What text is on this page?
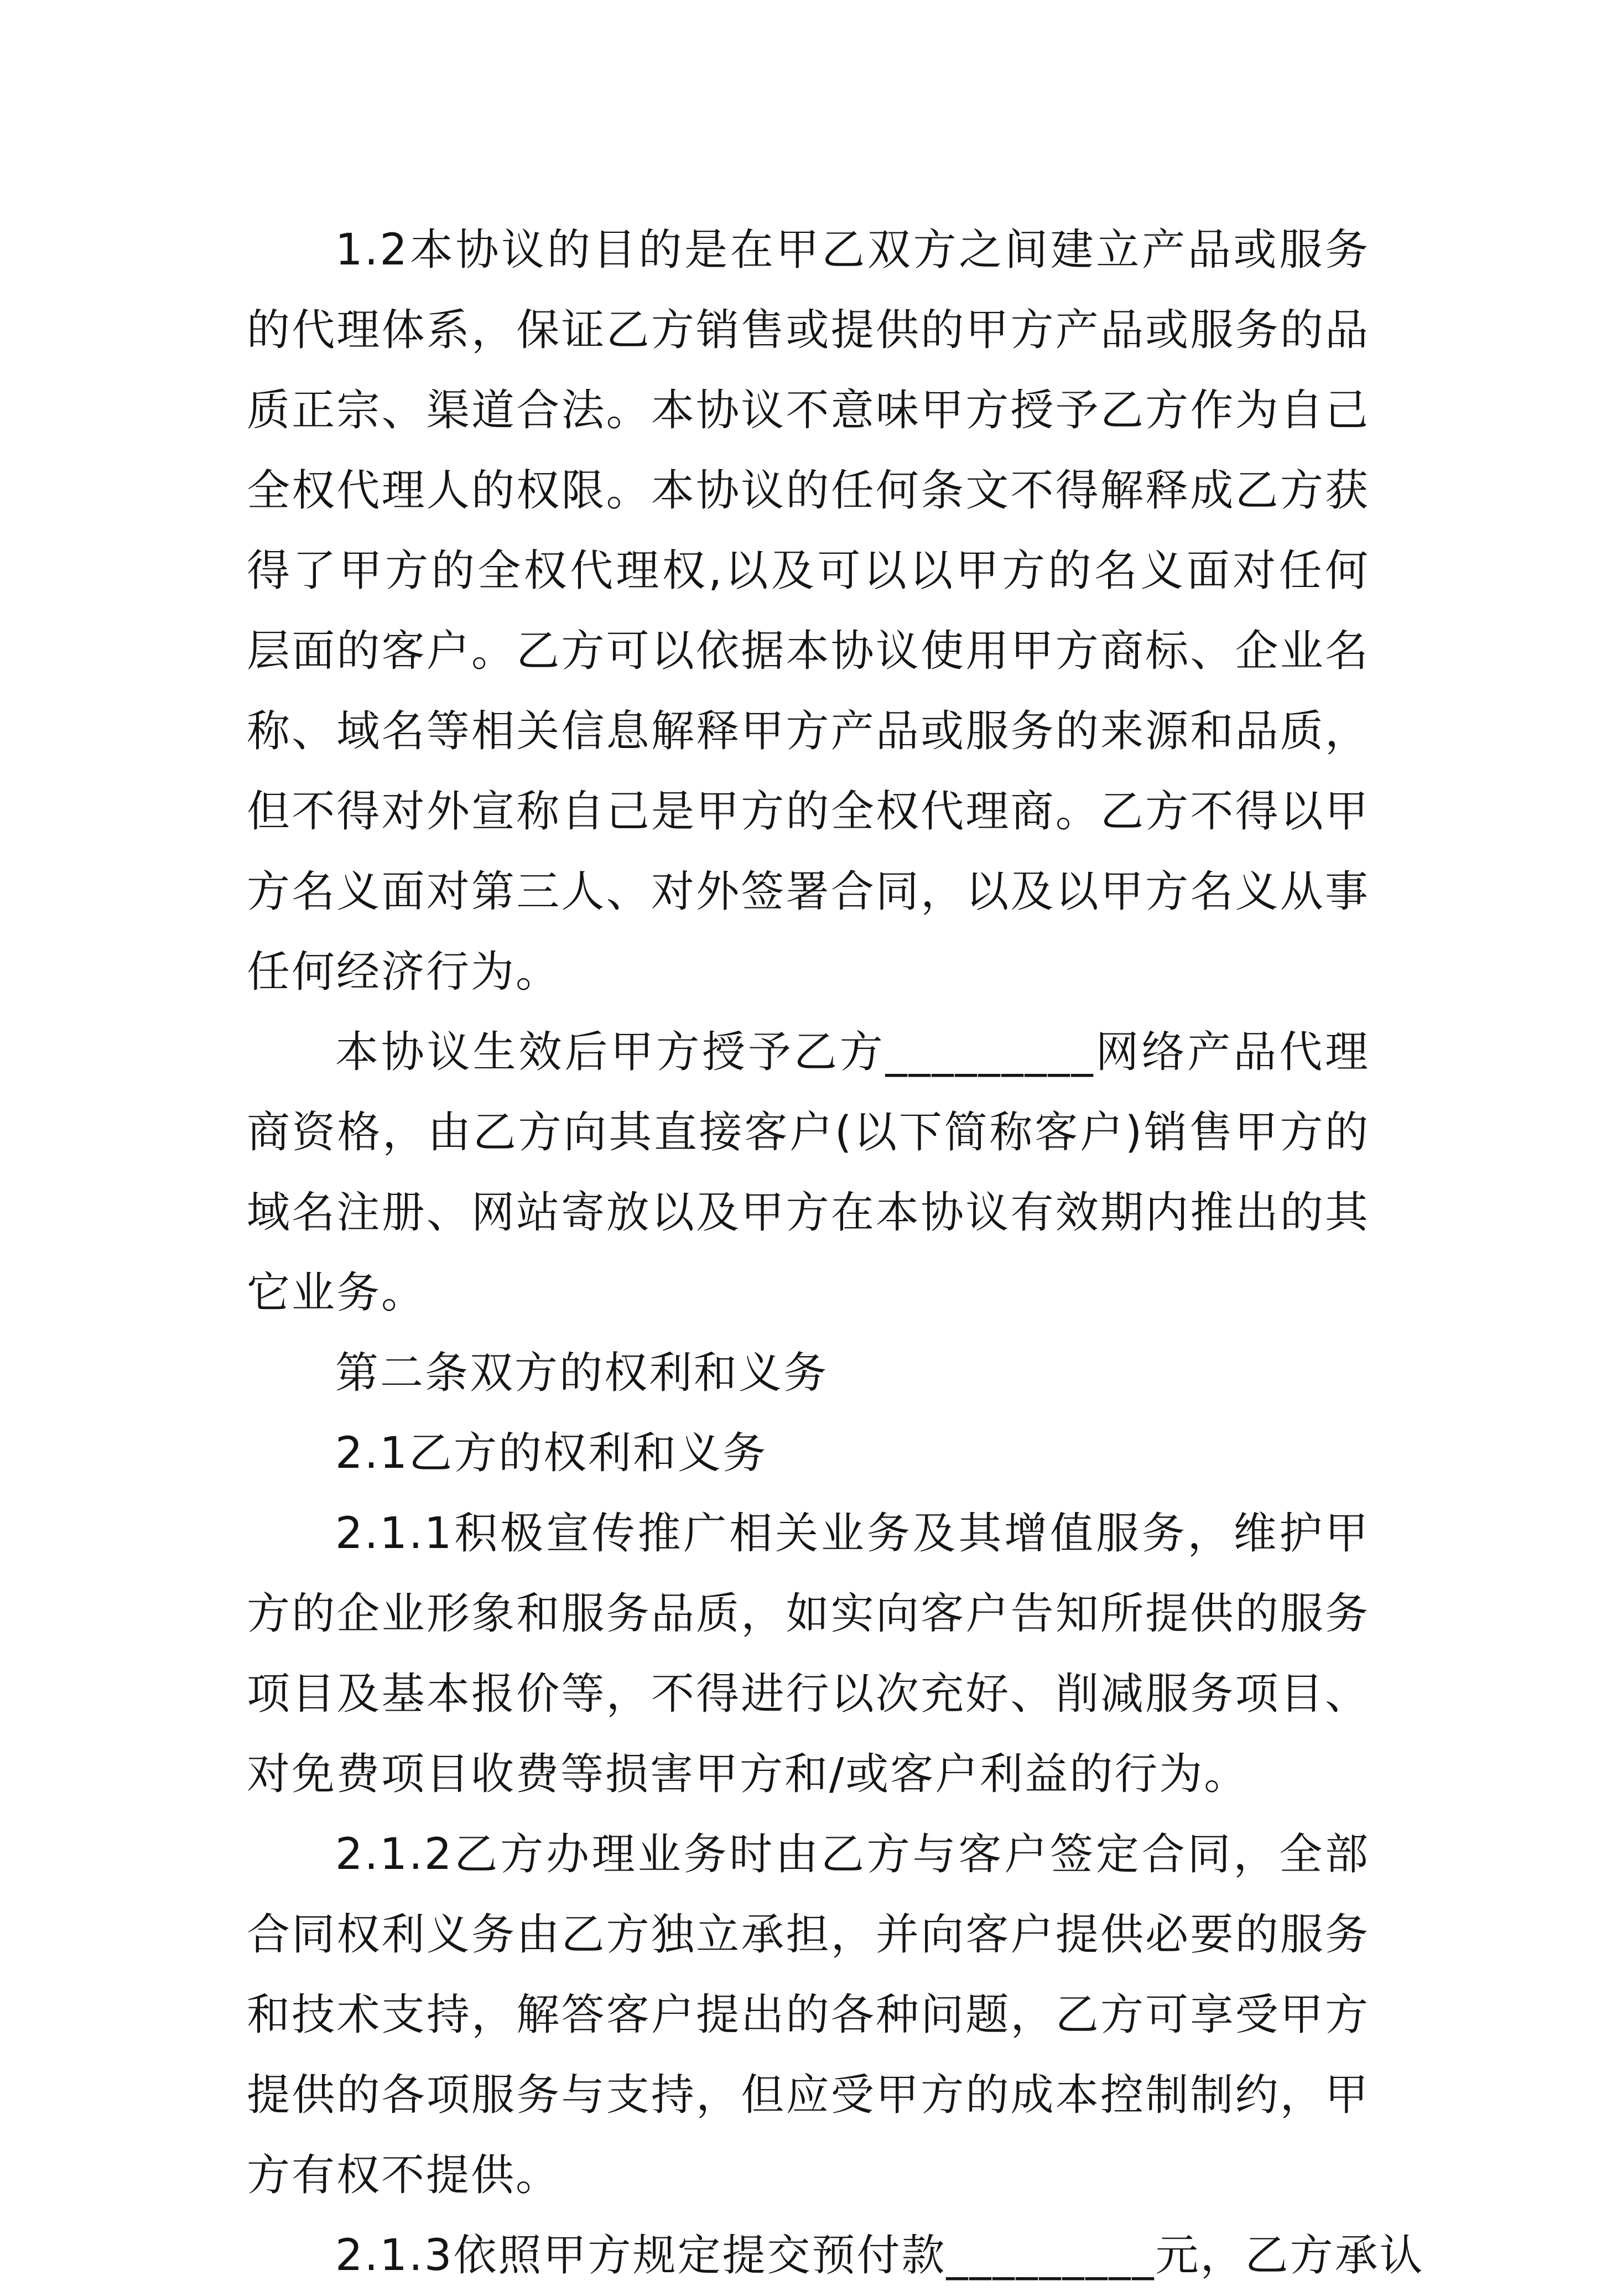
1.2本协议的目的是在甲乙双方之间建立产品或服务的代理体系，保证乙方销售或提供的甲方产品或服务的品质正宗、渠道合法。本协议不意味甲方授予乙方作为自己全权代理人的权限。本协议的任何条文不得解释成乙方获得了甲方的全权代理权,以及可以以甲方的名义面对任何层面的客户。乙方可以依据本协议使用甲方商标、企业名称、域名等相关信息解释甲方产品或服务的来源和品质，但不得对外宣称自己是甲方的全权代理商。乙方不得以甲方名义面对第三人、对外签署合同，以及以甲方名义从事任何经济行为。

本协议生效后甲方授予乙方_________网络产品代理商资格，由乙方向其直接客户(以下简称客户)销售甲方的域名注册、网站寄放以及甲方在本协议有效期内推出的其它业务。

第二条双方的权利和义务

2.1乙方的权利和义务

2.1.1积极宣传推广相关业务及其增值服务，维护甲方的企业形象和服务品质，如实向客户告知所提供的服务项目及基本报价等，不得进行以次充好、削减服务项目、对免费项目收费等损害甲方和/或客户利益的行为。

2.1.2乙方办理业务时由乙方与客户签定合同，全部合同权利义务由乙方独立承担，并向客户提供必要的服务和技术支持，解答客户提出的各种问题，乙方可享受甲方提供的各项服务与支持，但应受甲方的成本控制制约，甲方有权不提供。

2.1.3依照甲方规定提交预付款_________元，乙方承认
